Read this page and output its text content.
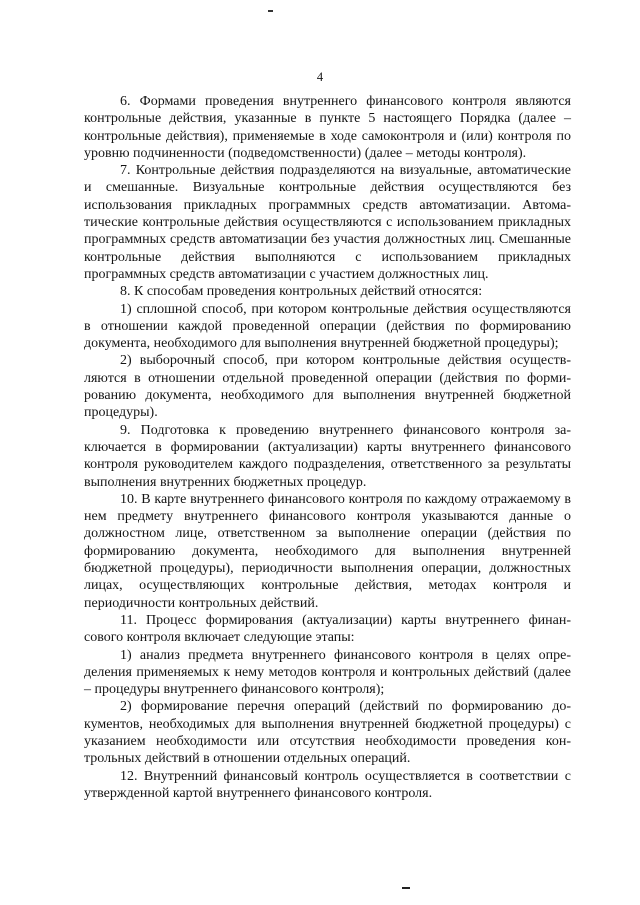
4

6. Формами проведения внутреннего финансового контроля являются контрольные действия, указанные в пункте 5 настоящего Порядка (далее – контрольные действия), применяемые в ходе самоконтроля и (или) контроля по уровню подчиненности (подведомственности) (далее – методы контроля).

7. Контрольные действия подразделяются на визуальные, автоматические и смешанные. Визуальные контрольные действия осуществляются без использования прикладных программных средств автоматизации. Автоматические контрольные действия осуществляются с использованием прикладных программных средств автоматизации без участия должностных лиц. Смешанные контрольные действия выполняются с использованием прикладных программных средств автоматизации с участием должностных лиц.

8. К способам проведения контрольных действий относятся:

1) сплошной способ, при котором контрольные действия осуществляются в отношении каждой проведенной операции (действия по формированию документа, необходимого для выполнения внутренней бюджетной процедуры);

2) выборочный способ, при котором контрольные действия осуществляются в отношении отдельной проведенной операции (действия по формированию документа, необходимого для выполнения внутренней бюджетной процедуры).

9. Подготовка к проведению внутреннего финансового контроля заключается в формировании (актуализации) карты внутреннего финансового контроля руководителем каждого подразделения, ответственного за результаты выполнения внутренних бюджетных процедур.

10. В карте внутреннего финансового контроля по каждому отражаемому в нем предмету внутреннего финансового контроля указываются данные о должностном лице, ответственном за выполнение операции (действия по формированию документа, необходимого для выполнения внутренней бюджетной процедуры), периодичности выполнения операции, должностных лицах, осуществляющих контрольные действия, методах контроля и периодичности контрольных действий.

11. Процесс формирования (актуализации) карты внутреннего финансового контроля включает следующие этапы:

1) анализ предмета внутреннего финансового контроля в целях определения применяемых к нему методов контроля и контрольных действий (далее – процедуры внутреннего финансового контроля);

2) формирование перечня операций (действий по формированию документов, необходимых для выполнения внутренней бюджетной процедуры) с указанием необходимости или отсутствия необходимости проведения контрольных действий в отношении отдельных операций.

12. Внутренний финансовый контроль осуществляется в соответствии с утвержденной картой внутреннего финансового контроля.
